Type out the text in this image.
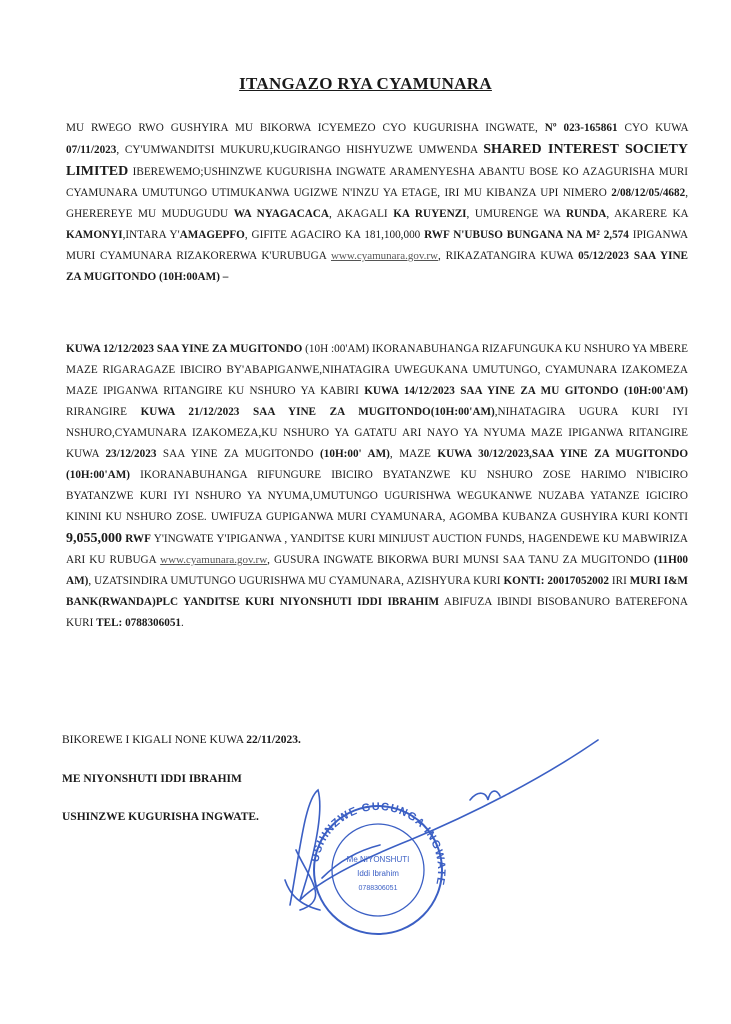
ITANGAZO RYA CYAMUNARA
MU RWEGO RWO GUSHYIRA MU BIKORWA ICYEMEZO CYO KUGURISHA INGWATE, Nº 023-165861 CYO KUWA 07/11/2023, CY'UMWANDITSI MUKURU,KUGIRANGO HISHYUZWE UMWENDA SHARED INTEREST SOCIETY LIMITED IBEREWEMO;USHINZWE KUGURISHA INGWATE ARAMENYESHA ABANTU BOSE KO AZAGURISHA MURI CYAMUNARA UMUTUNGO UTIMUKANWA UGIZWE N'INZU YA ETAGE, IRI MU KIBANZA UPI NIMERO 2/08/12/05/4682, GHEREREYE MU MUDUGUDU WA NYAGACACA, AKAGALI KA RUYENZI, UMURENGE WA RUNDA, AKARERE KA KAMONYI,INTARA Y'AMAGEPFO, GIFITE AGACIRO KA 181,100,000 RWF N'UBUSO BUNGANA NA M² 2,574 IPIGANWA MURI CYAMUNARA RIZAKORERWA K'URUBUGA www.cyamunara.gov.rw, RIKAZATANGIRA KUWA 05/12/2023 SAA YINE ZA MUGITONDO (10H:00AM) –
KUWA 12/12/2023 SAA YINE ZA MUGITONDO (10H :00'AM) IKORANABUHANGA RIZAFUNGUKA KU NSHURO YA MBERE MAZE RIGARAGAZE IBICIRO BY'ABAPIGANWE,NIHATAGIRA UWEGUKANA UMUTUNGO, CYAMUNARA IZAKOMEZA MAZE IPIGANWA RITANGIRE KU NSHURO YA KABIRI KUWA 14/12/2023 SAA YINE ZA MU GITONDO (10H:00'AM) RIRANGIRE KUWA 21/12/2023 SAA YINE ZA MUGITONDO(10H:00'AM),NIHATAGIRA UGURA KURI IYI NSHURO,CYAMUNARA IZAKOMEZA,KU NSHURO YA GATATU ARI NAYO YA NYUMA MAZE IPIGANWA RITANGIRE KUWA 23/12/2023 SAA YINE ZA MUGITONDO (10H:00' AM), MAZE KUWA 30/12/2023,SAA YINE ZA MUGITONDO (10H:00'AM) IKORANABUHANGA RIFUNGURE IBICIRO BYATANZWE KU NSHURO ZOSE HARIMO N'IBICIRO BYATANZWE KURI IYI NSHURO YA NYUMA,UMUTUNGO UGURISHWA WEGUKANWE NUZABA YATANZE IGICIRO KININI KU NSHURO ZOSE. UWIFUZA GUPIGANWA MURI CYAMUNARA, AGOMBA KUBANZA GUSHYIRA KURI KONTI 9,055,000 RWF Y'INGWATE Y'IPIGANWA , YANDITSE KURI MINIJUST AUCTION FUNDS, HAGENDEWE KU MABWIRIZA ARI KU RUBUGA www.cyamunara.gov.rw, GUSURA INGWATE BIKORWA BURI MUNSI SAA TANU ZA MUGITONDO (11H00 AM), UZATSINDIRA UMUTUNGO UGURISHWA MU CYAMUNARA, AZISHYURA KURI KONTI: 20017052002 IRI MURI I&M BANK(RWANDA)PLC YANDITSE KURI NIYONSHUTI IDDI IBRAHIM ABIFUZA IBINDI BISOBANURO BATEREFONA KURI TEL: 0788306051.
BIKOREWE I KIGALI NONE KUWA 22/11/2023.
ME NIYONSHUTI IDDI IBRAHIM
USHINZWE KUGURISHA INGWATE.
USHINZWE GUCUNGA INGWATE
Me NIYONSHUTI
Iddi Ibrahim
0788306051
